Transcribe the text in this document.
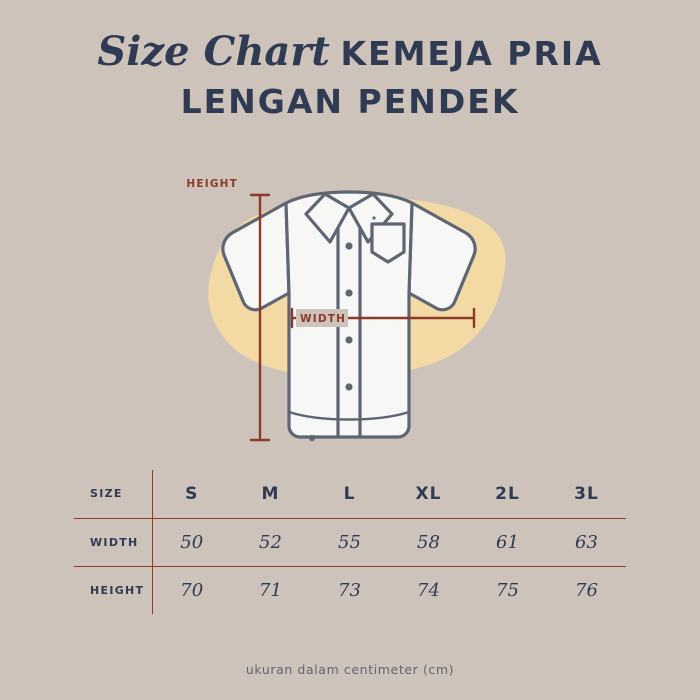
Size Chart KEMEJA PRIA
LENGAN PENDEK
HEIGHT
WIDTH
SIZE	S	M	L	XL	2L	3L
WIDTH	50	52	55	58	61	63
HEIGHT	70	71	73	74	75	76
ukuran dalam centimeter (cm)
